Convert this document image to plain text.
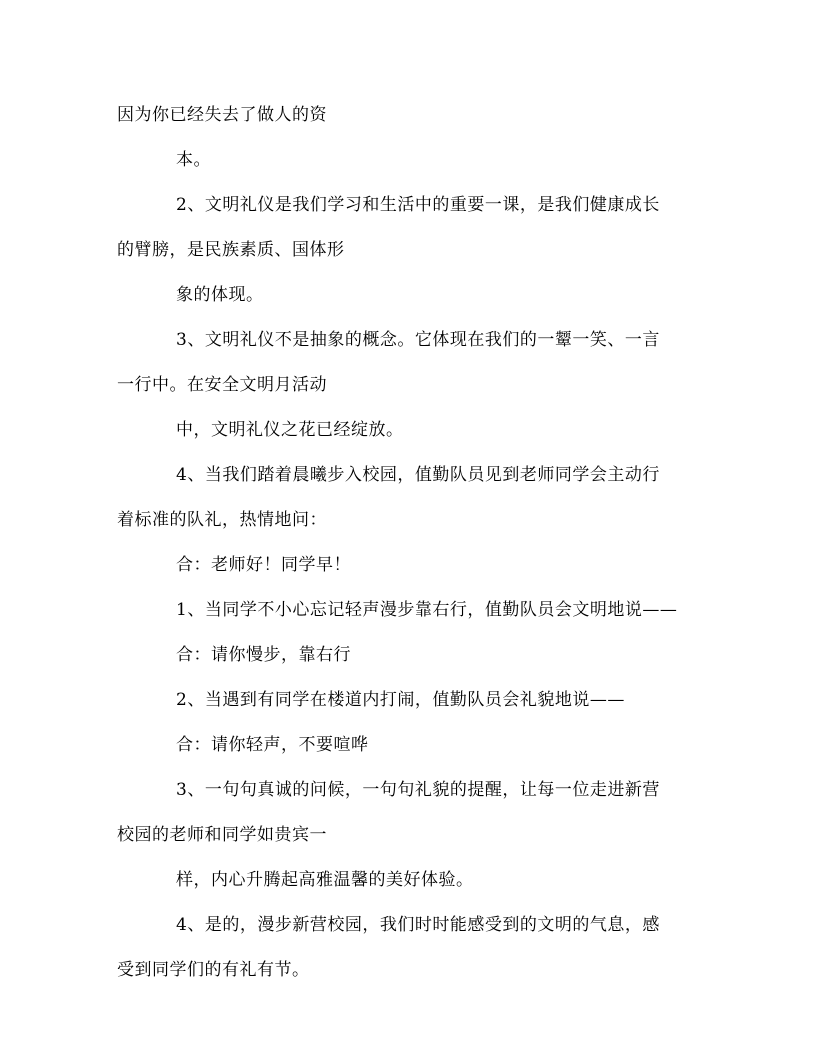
因为你已经失去了做人的资
本。
2、文明礼仪是我们学习和生活中的重要一课，是我们健康成长
的臂膀，是民族素质、国体形
象的体现。
3、文明礼仪不是抽象的概念。它体现在我们的一颦一笑、一言
一行中。在安全文明月活动
中，文明礼仪之花已经绽放。
4、当我们踏着晨曦步入校园，值勤队员见到老师同学会主动行
着标准的队礼，热情地问：
合：老师好！同学早！
1、当同学不小心忘记轻声漫步靠右行，值勤队员会文明地说——
合：请你慢步，靠右行
2、当遇到有同学在楼道内打闹，值勤队员会礼貌地说——
合：请你轻声，不要喧哗
3、一句句真诚的问候，一句句礼貌的提醒，让每一位走进新营
校园的老师和同学如贵宾一
样，内心升腾起高雅温馨的美好体验。
4、是的，漫步新营校园，我们时时能感受到的文明的气息，感
受到同学们的有礼有节。
